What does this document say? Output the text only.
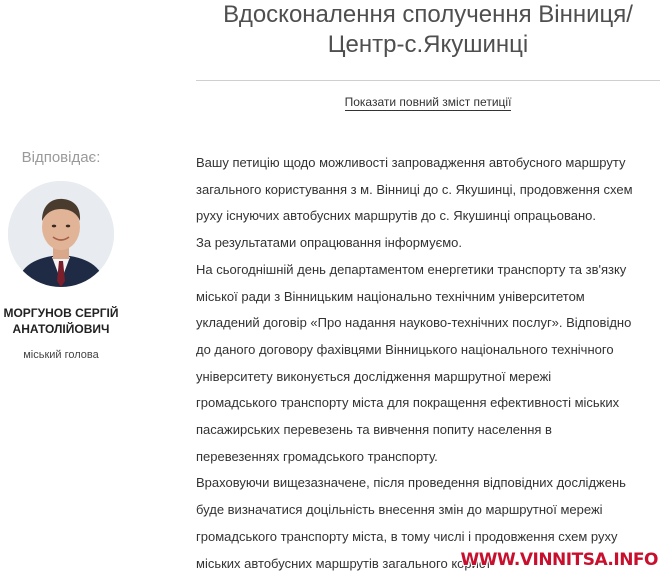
Вдосконалення сполучення Вінниця/
Центр-с.Якушинці
Показати повний зміст петиції
Відповідає:
МОРГУНОВ СЕРГІЙ
АНАТОЛІЙОВИЧ
міський голова

Вашу петицію щодо можливості запровадження автобусного маршруту

загального користування з м. Вінниці до с. Якушинці, продовження схем

руху існуючих автобусних маршрутів до с. Якушинці опрацьовано.

За результатами опрацювання інформуємо.

На сьогоднішній день департаментом енергетики транспорту та зв'язку

міської ради з Вінницьким національно технічним університетом

укладений договір «Про надання науково-технічних послуг». Відповідно

до даного договору фахівцями Вінницького національного технічного

університету виконується дослідження маршрутної мережі

громадського транспорту міста для покращення ефективності міських

пасажирських перевезень та вивчення попиту населення в

перевезеннях громадського транспорту.

Враховуючи вищезазначене, після проведення відповідних досліджень

буде визначатися доцільність внесення змін до маршрутної мережі

громадського транспорту міста, в тому числі і продовження схем руху

міських автобусних маршрутів загального корист

WWW.VINNITSA.INFO
